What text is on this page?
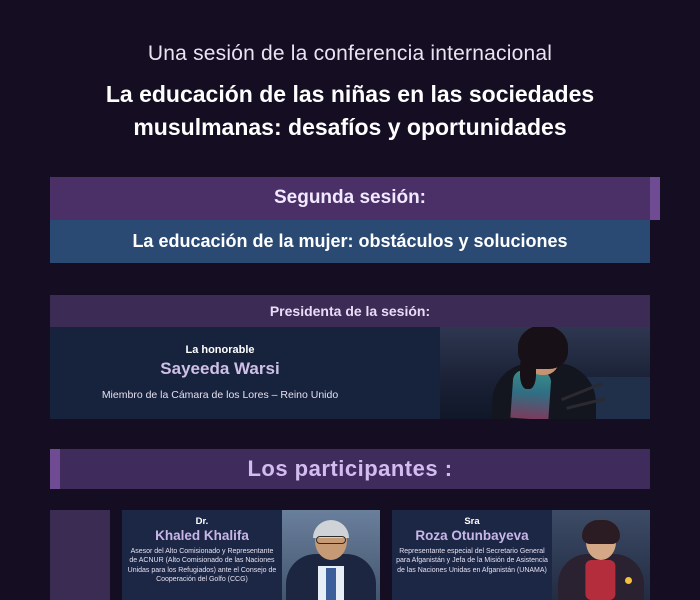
Una sesión de la conferencia internacional
La educación de las niñas en las sociedades musulmanas: desafíos y oportunidades
Segunda sesión:
La educación de la mujer: obstáculos y soluciones
Presidenta de la sesión:
La honorable
Sayeeda Warsi
Miembro de la Cámara de los Lores – Reino Unido
Los participantes :
Dr.
Khaled Khalifa
Asesor del Alto Comisionado y Representante de ACNUR (Alto Comisionado de las Naciones Unidas para los Refugiados) ante el Consejo de Cooperación del Golfo (CCG)
Sra
Roza Otunbayeva
Representante especial del Secretario General para Afganistán y Jefa de la Misión de Asistencia de las Naciones Unidas en Afganistán (UNAMA)
